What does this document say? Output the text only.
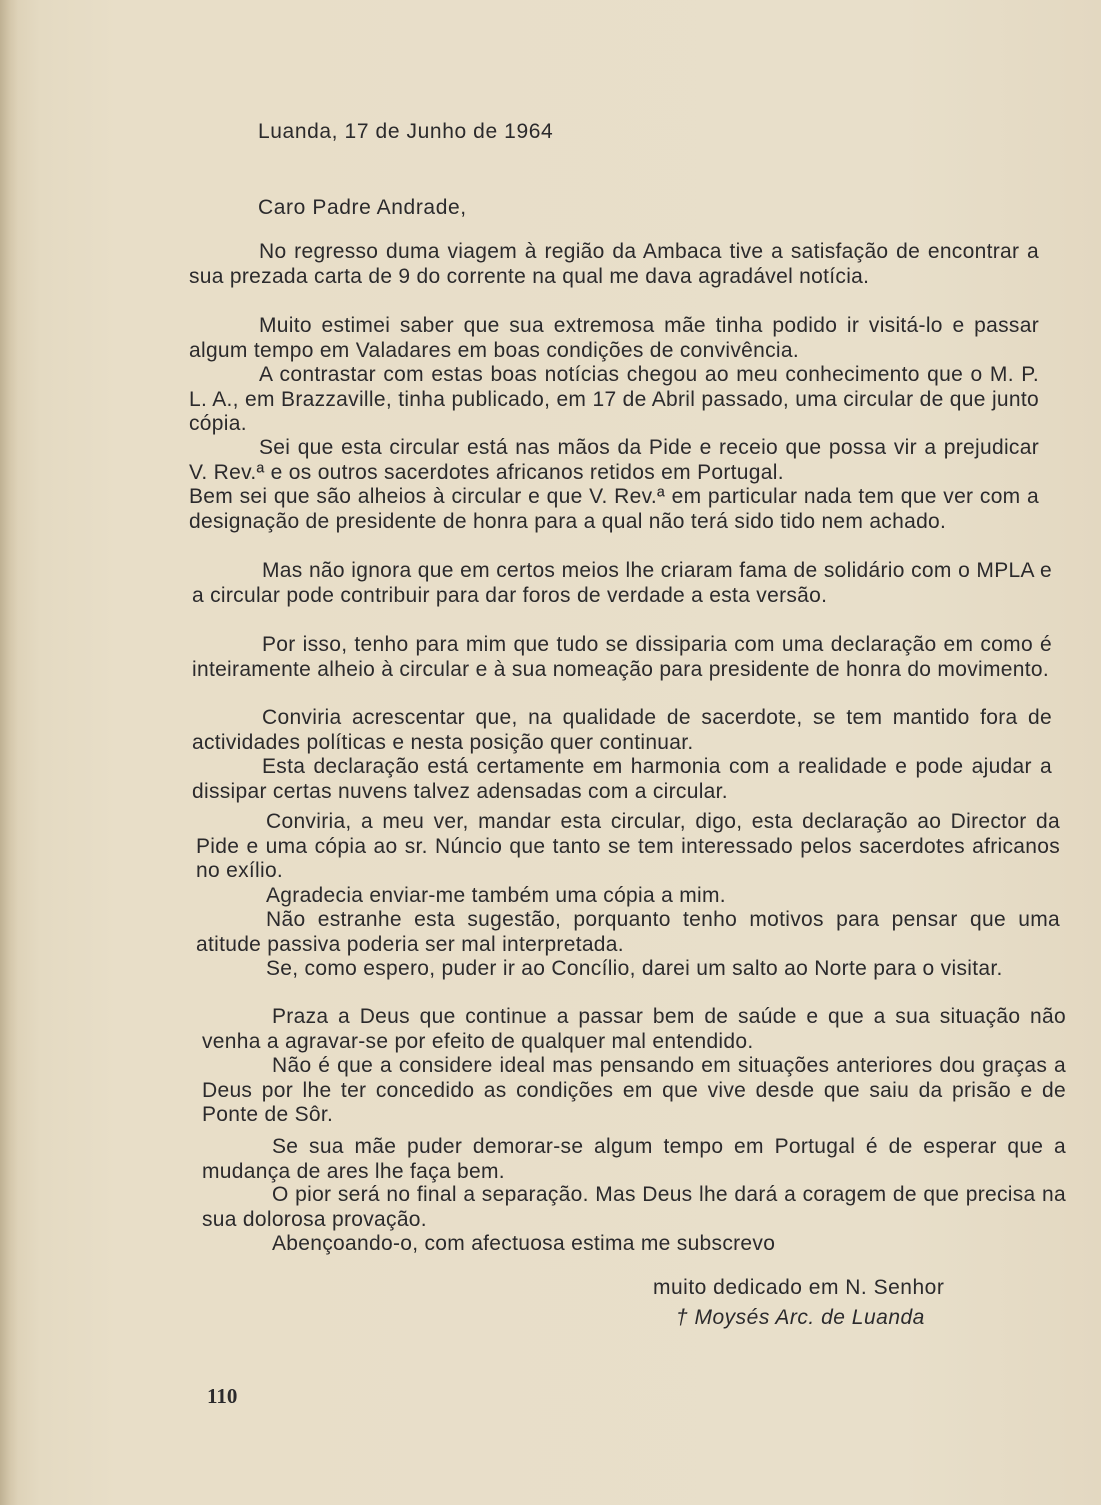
Luanda, 17 de Junho de 1964
Caro Padre Andrade,

No regresso duma viagem à região da Ambaca tive a satisfação de encontrar a sua prezada carta de 9 do corrente na qual me dava agradável notícia.

Muito estimei saber que sua extremosa mãe tinha podido ir visitá-lo e passar algum tempo em Valadares em boas condições de convivência.

A contrastar com estas boas notícias chegou ao meu conhecimento que o M. P. L. A., em Brazzaville, tinha publicado, em 17 de Abril passado, uma circular de que junto cópia.

Sei que esta circular está nas mãos da Pide e receio que possa vir a prejudicar V. Rev.ª e os outros sacerdotes africanos retidos em Portugal.

Bem sei que são alheios à circular e que V. Rev.ª em particular nada tem que ver com a designação de presidente de honra para a qual não terá sido tido nem achado.

Mas não ignora que em certos meios lhe criaram fama de solidário com o MPLA e a circular pode contribuir para dar foros de verdade a esta versão.

Por isso, tenho para mim que tudo se dissiparia com uma declaração em como é inteiramente alheio à circular e à sua nomeação para presidente de honra do movimento.

Conviria acrescentar que, na qualidade de sacerdote, se tem mantido fora de actividades políticas e nesta posição quer continuar.

Esta declaração está certamente em harmonia com a realidade e pode ajudar a dissipar certas nuvens talvez adensadas com a circular.

Conviria, a meu ver, mandar esta circular, digo, esta declaração ao Director da Pide e uma cópia ao sr. Núncio que tanto se tem interessado pelos sacerdotes africanos no exílio.

Agradecia enviar-me também uma cópia a mim.

Não estranhe esta sugestão, porquanto tenho motivos para pensar que uma atitude passiva poderia ser mal interpretada.

Se, como espero, puder ir ao Concílio, darei um salto ao Norte para o visitar.

Praza a Deus que continue a passar bem de saúde e que a sua situação não venha a agravar-se por efeito de qualquer mal entendido.

Não é que a considere ideal mas pensando em situações anteriores dou graças a Deus por lhe ter concedido as condições em que vive desde que saiu da prisão e de Ponte de Sôr.

Se sua mãe puder demorar-se algum tempo em Portugal é de esperar que a mudança de ares lhe faça bem.

O pior será no final a separação. Mas Deus lhe dará a coragem de que precisa na sua dolorosa provação.

Abençoando-o, com afectuosa estima me subscrevo

muito dedicado em N. Senhor
† Moysés Arc. de Luanda
110
